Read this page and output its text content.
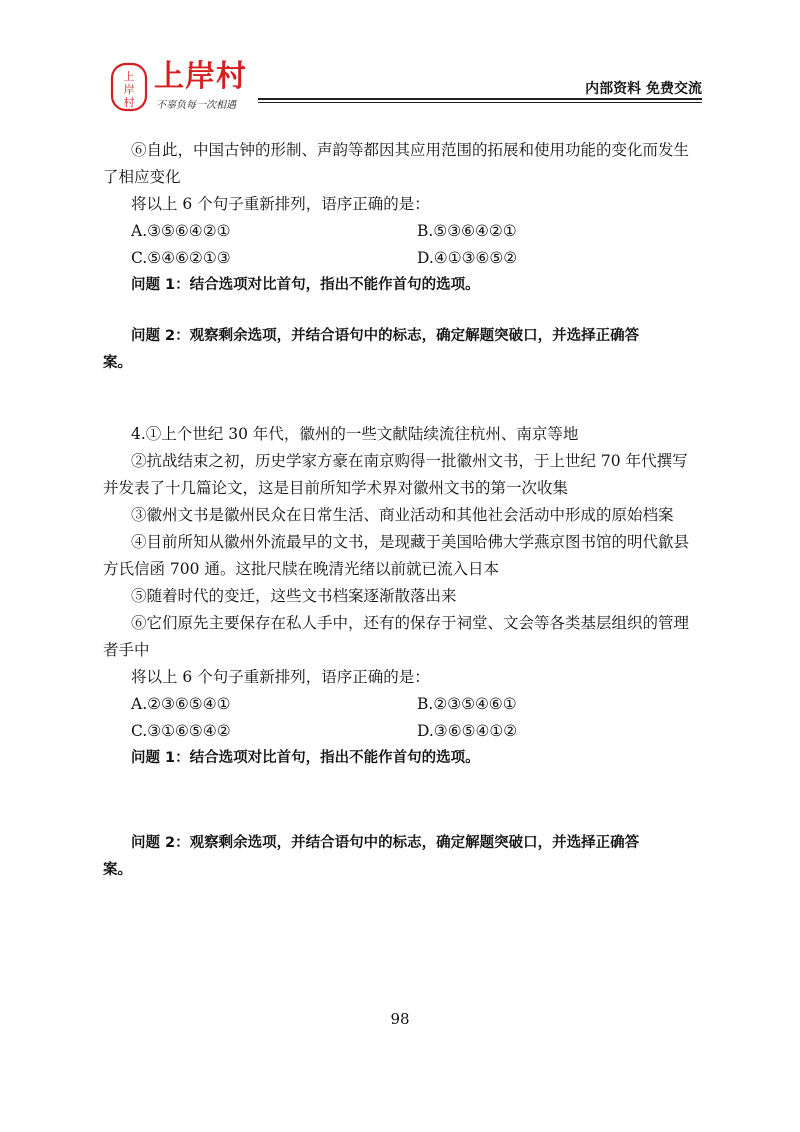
上
岸
村
上岸村
不辜负每一次相遇
内部资料 免费交流
⑥自此，中国古钟的形制、声韵等都因其应用范围的拓展和使用功能的变化而发生
了相应变化
将以上 6 个句子重新排列，语序正确的是：
A.③⑤⑥④②①	B.⑤③⑥④②①
C.⑤④⑥②①③	D.④①③⑥⑤②
问题 1：结合选项对比首句，指出不能作首句的选项。
问题 2：观察剩余选项，并结合语句中的标志，确定解题突破口，并选择正确答
案。
4.①上个世纪 30 年代，徽州的一些文献陆续流往杭州、南京等地
②抗战结束之初，历史学家方豪在南京购得一批徽州文书，于上世纪 70 年代撰写
并发表了十几篇论文，这是目前所知学术界对徽州文书的第一次收集
③徽州文书是徽州民众在日常生活、商业活动和其他社会活动中形成的原始档案
④目前所知从徽州外流最早的文书，是现藏于美国哈佛大学燕京图书馆的明代歙县
方氏信函 700 通。这批尺牍在晚清光绪以前就已流入日本
⑤随着时代的变迁，这些文书档案逐渐散落出来
⑥它们原先主要保存在私人手中，还有的保存于祠堂、文会等各类基层组织的管理
者手中
将以上 6 个句子重新排列，语序正确的是：
A.②③⑥⑤④①	B.②③⑤④⑥①
C.③①⑥⑤④②	D.③⑥⑤④①②
问题 1：结合选项对比首句，指出不能作首句的选项。
问题 2：观察剩余选项，并结合语句中的标志，确定解题突破口，并选择正确答
案。
98
